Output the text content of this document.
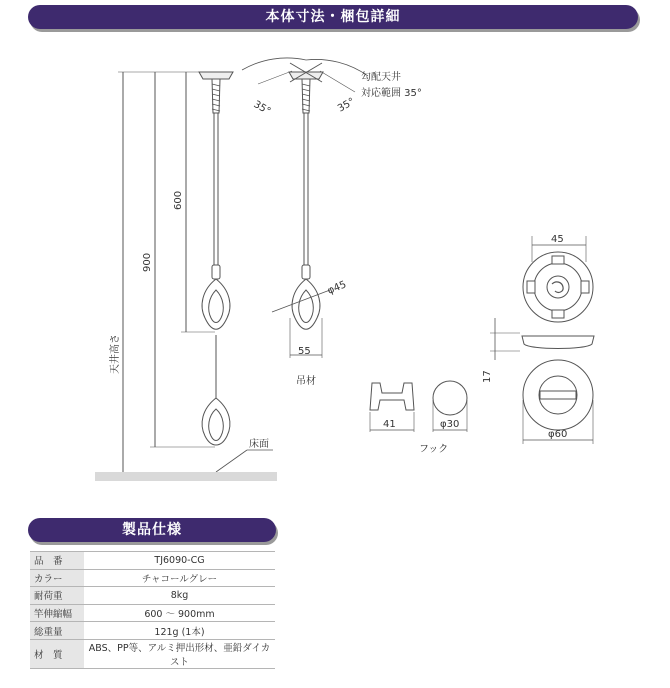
本体寸法・梱包詳細
勾配天井
対応範囲 35°
35°	35°
600
900
天井高さ
φ45
55
吊材
床面
41	φ30
フック
45
17
φ60
製品仕様
品　番	TJ6090-CG
カラー	チャコールグレー
耐荷重	8kg
竿伸縮幅	600 ～ 900mm
総重量	121g (1本)
材　質	ABS、PP等、アルミ押出形材、亜鉛ダイカスト
